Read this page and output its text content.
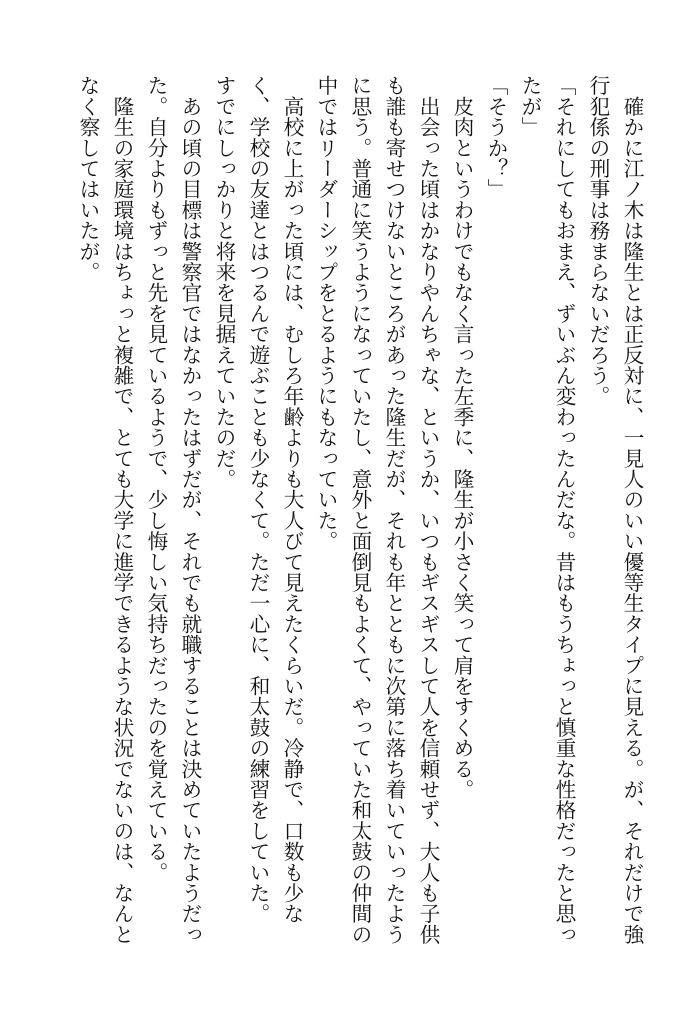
　確かに江ノ木は隆生とは正反対に、一見人のいい優等生タイプに見える。が、それだけで強
行犯係の刑事は務まらないだろう。
「それにしてもおまえ、ずいぶん変わったんだな。昔はもうちょっと慎重な性格だったと思っ
たが」
「そうか？」
　皮肉というわけでもなく言った左季に、隆生が小さく笑って肩をすくめる。
　出会った頃はかなりやんちゃな、というか、いつもギスギスして人を信頼せず、大人も子供
も誰も寄せつけないところがあった隆生だが、それも年とともに次第に落ち着いていったよう
に思う。普通に笑うようになっていたし、意外と面倒見もよくて、やっていた和太鼓の仲間の
中ではリーダーシップをとるようにもなっていた。
　高校に上がった頃には、むしろ年齢よりも大人びて見えたくらいだ。冷静で、口数も少な
く、学校の友達とはつるんで遊ぶことも少なくて。ただ一心に、和太鼓の練習をしていた。
すでにしっかりと将来を見据えていたのだ。
　あの頃の目標は警察官ではなかったはずだが、それでも就職することは決めていたようだっ
た。自分よりもずっと先を見ているようで、少し悔しい気持ちだったのを覚えている。
　隆生の家庭環境はちょっと複雑で、とても大学に進学できるような状況でないのは、なんと
なく察してはいたが。
